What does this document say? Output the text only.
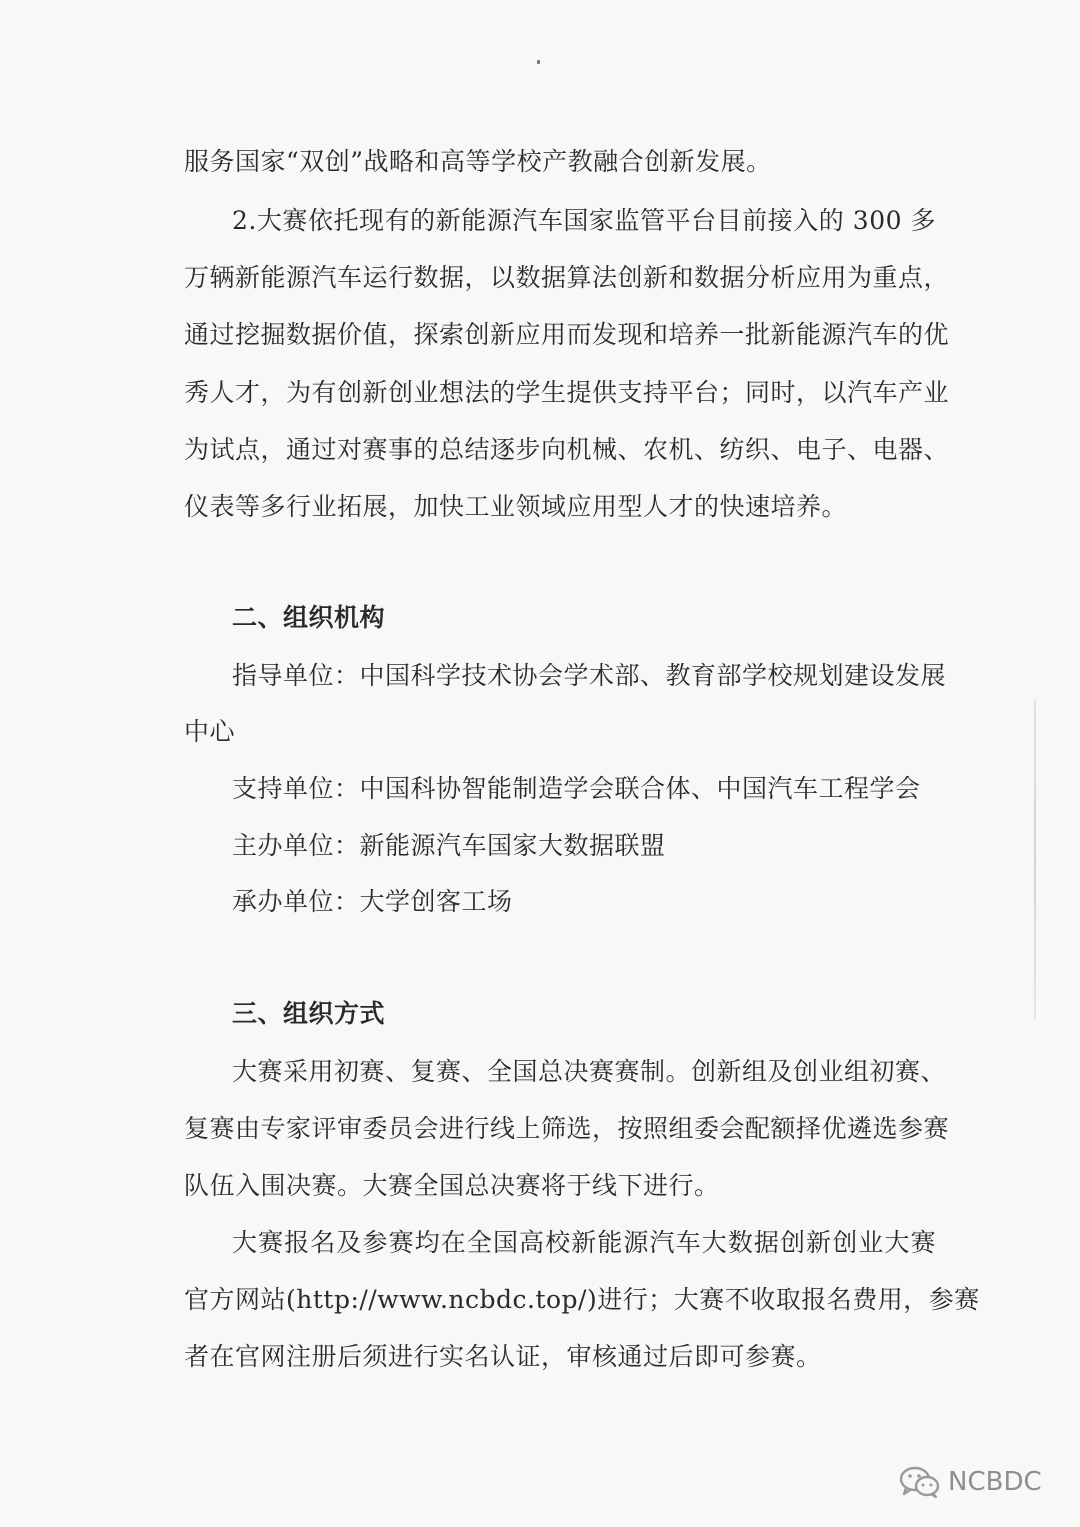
服务国家“双创”战略和高等学校产教融合创新发展。
2.大赛依托现有的新能源汽车国家监管平台目前接入的 300 多
万辆新能源汽车运行数据，以数据算法创新和数据分析应用为重点，
通过挖掘数据价值，探索创新应用而发现和培养一批新能源汽车的优
秀人才，为有创新创业想法的学生提供支持平台；同时，以汽车产业
为试点，通过对赛事的总结逐步向机械、农机、纺织、电子、电器、
仪表等多行业拓展，加快工业领域应用型人才的快速培养。
二、组织机构
指导单位：中国科学技术协会学术部、教育部学校规划建设发展
中心
支持单位：中国科协智能制造学会联合体、中国汽车工程学会
主办单位：新能源汽车国家大数据联盟
承办单位：大学创客工场
三、组织方式
大赛采用初赛、复赛、全国总决赛赛制。创新组及创业组初赛、
复赛由专家评审委员会进行线上筛选，按照组委会配额择优遴选参赛
队伍入围决赛。大赛全国总决赛将于线下进行。
大赛报名及参赛均在全国高校新能源汽车大数据创新创业大赛
官方网站(http://www.ncbdc.top/)进行；大赛不收取报名费用，参赛
者在官网注册后须进行实名认证，审核通过后即可参赛。
NCBDC
